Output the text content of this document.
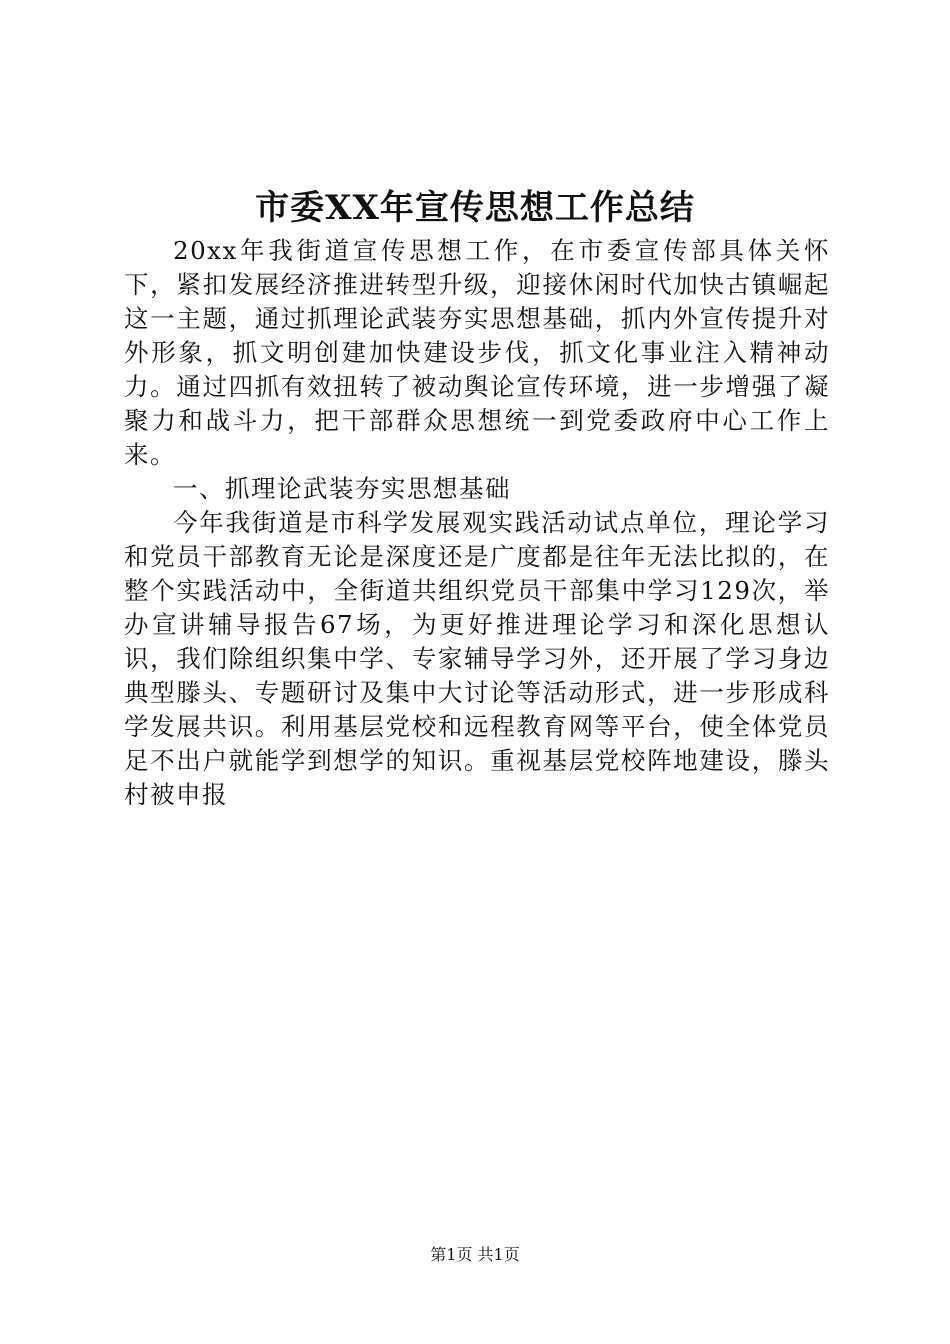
市委XX年宣传思想工作总结

20xx年我街道宣传思想工作，在市委宣传部具体关怀下，紧扣发展经济推进转型升级，迎接休闲时代加快古镇崛起这一主题，通过抓理论武装夯实思想基础，抓内外宣传提升对外形象，抓文明创建加快建设步伐，抓文化事业注入精神动力。通过四抓有效扭转了被动舆论宣传环境，进一步增强了凝聚力和战斗力，把干部群众思想统一到党委政府中心工作上来。

一、抓理论武装夯实思想基础

今年我街道是市科学发展观实践活动试点单位，理论学习和党员干部教育无论是深度还是广度都是往年无法比拟的，在整个实践活动中，全街道共组织党员干部集中学习129次，举办宣讲辅导报告67场，为更好推进理论学习和深化思想认识，我们除组织集中学、专家辅导学习外，还开展了学习身边典型滕头、专题研讨及集中大讨论等活动形式，进一步形成科学发展共识。利用基层党校和远程教育网等平台，使全体党员足不出户就能学到想学的知识。重视基层党校阵地建设，滕头村被申报

第1页 共1页
